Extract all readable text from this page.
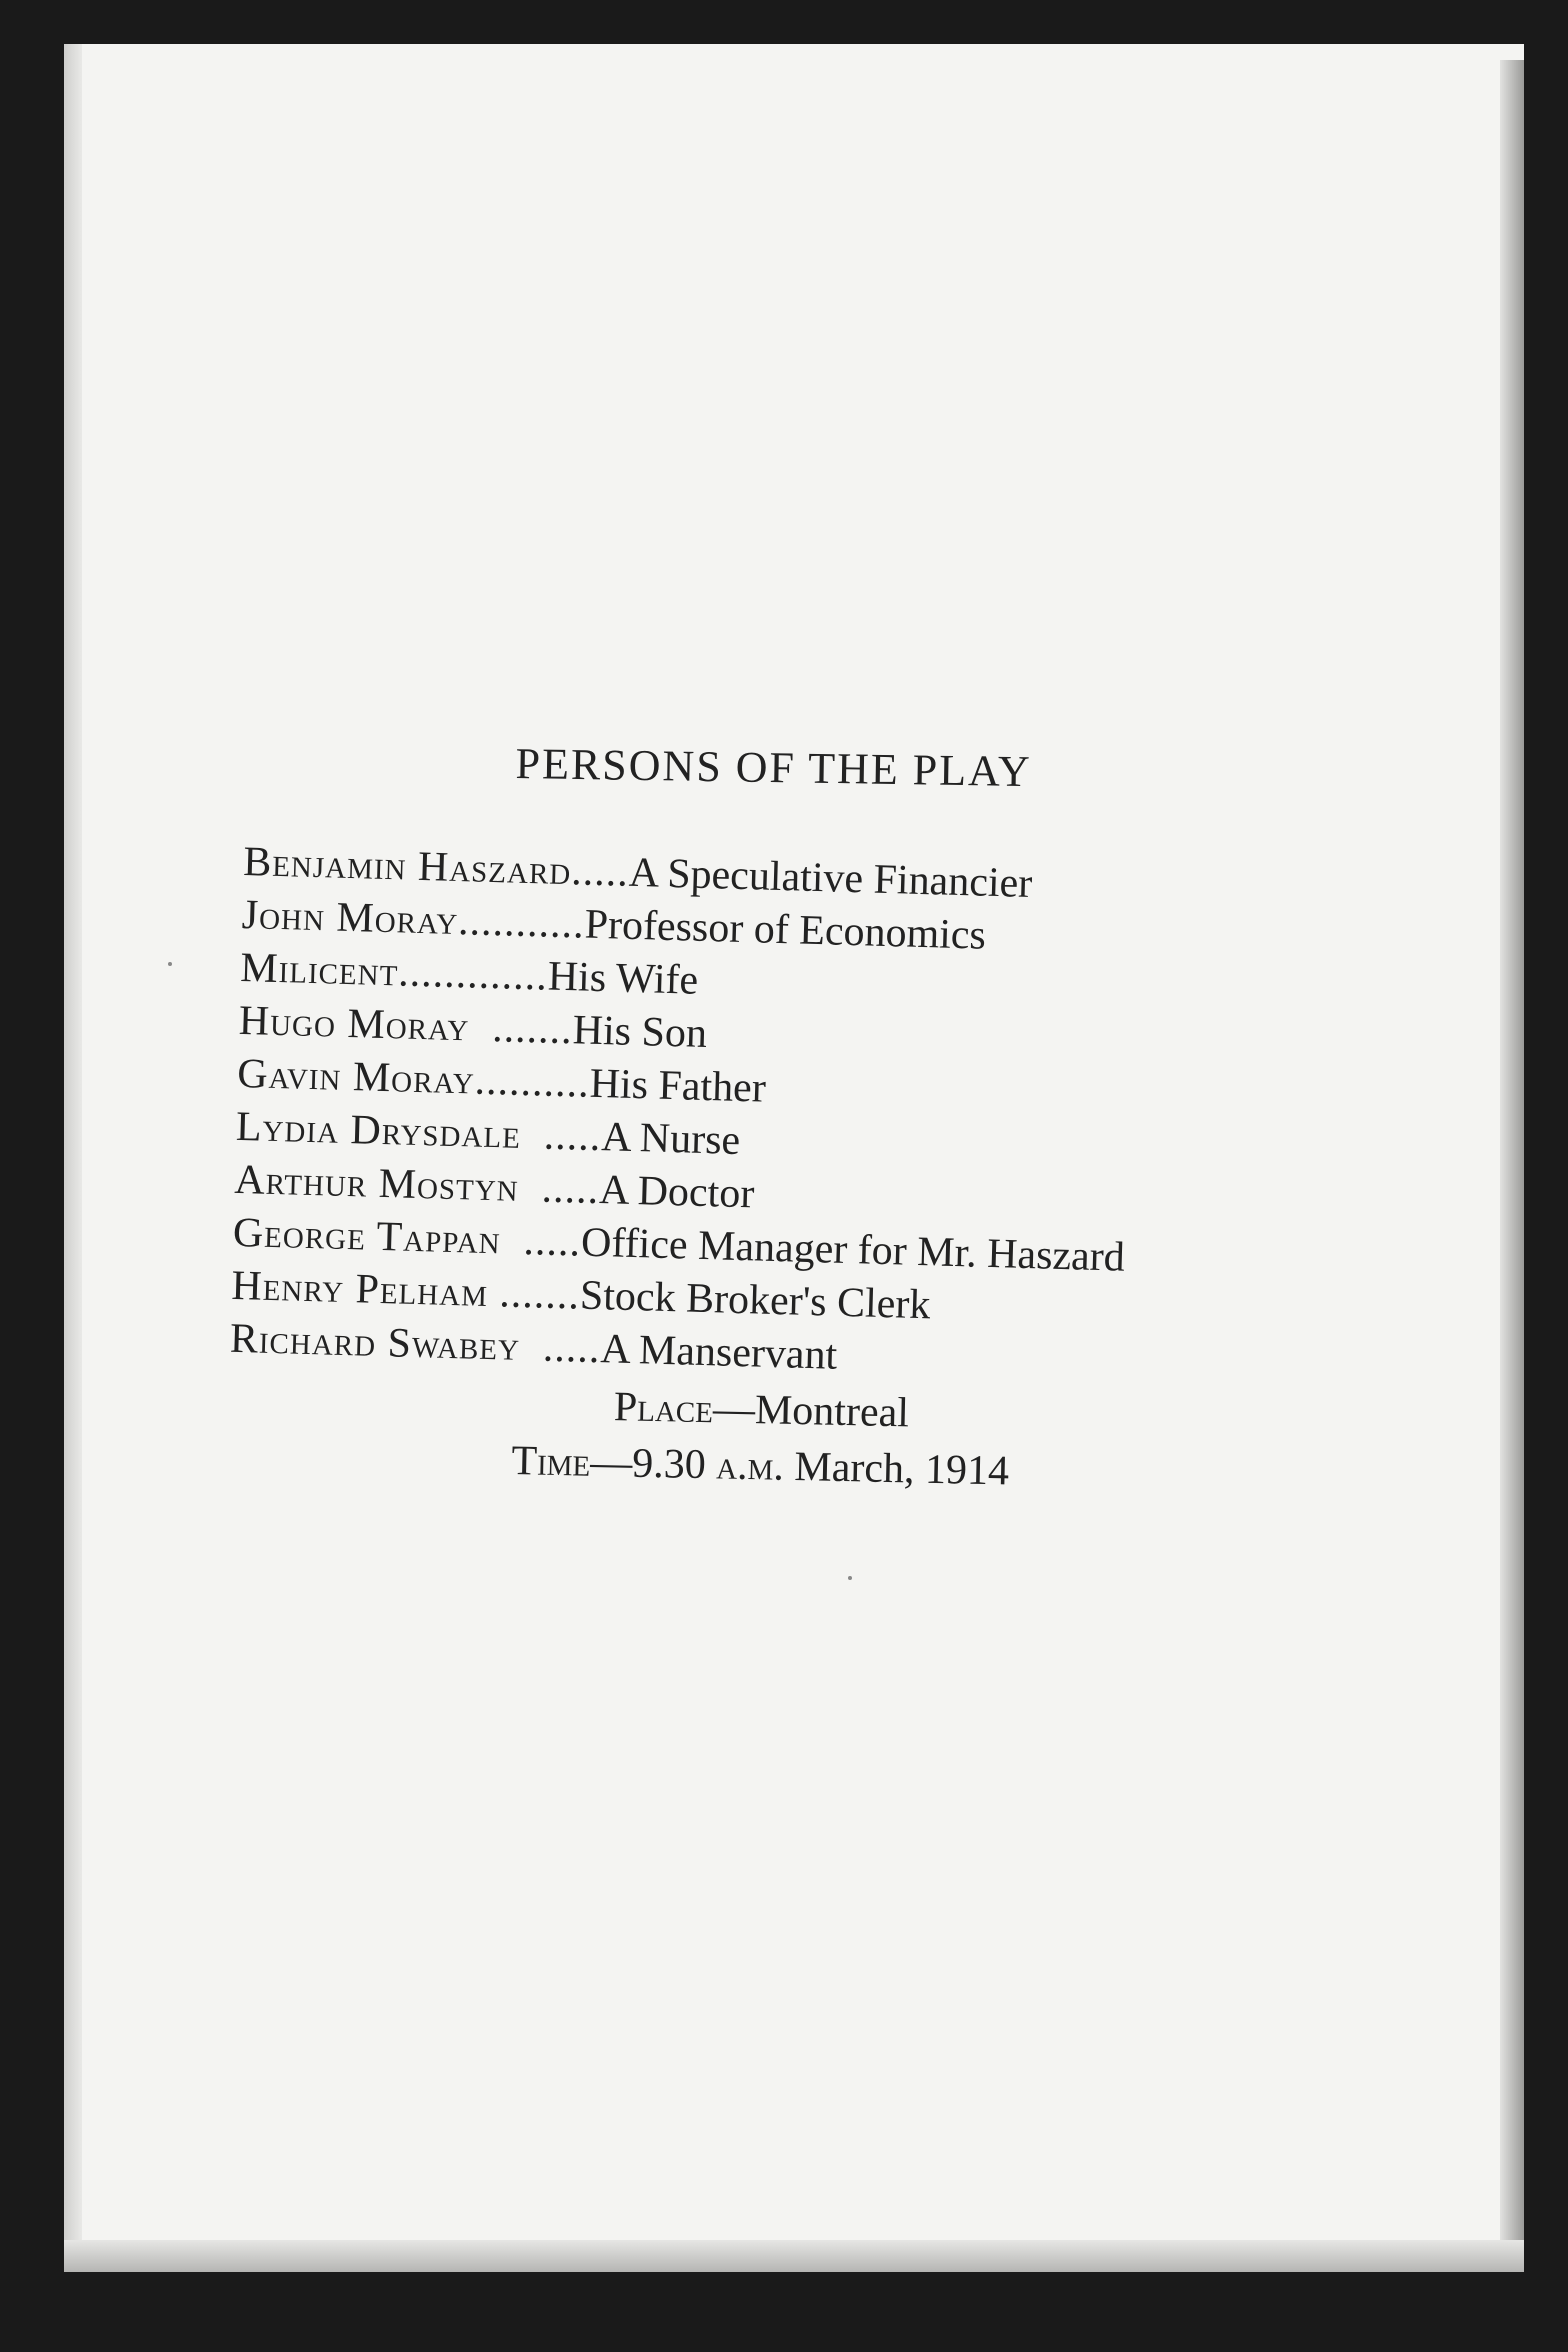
PERSONS OF THE PLAY
Benjamin Haszard
.....
A Speculative Financier
John Moray
...........
Professor of Economics
Milicent
.............
His Wife
Hugo Moray
.......
His Son
Gavin Moray
..........
His Father
Lydia Drysdale
.....
A Nurse
Arthur Mostyn
.....
A Doctor
George Tappan
.....
Office Manager for Mr. Haszard
Henry Pelham
.......
Stock Broker's Clerk
Richard Swabey
.....
A Manservant
Place—Montreal
Time—9.30 a.m. March, 1914
